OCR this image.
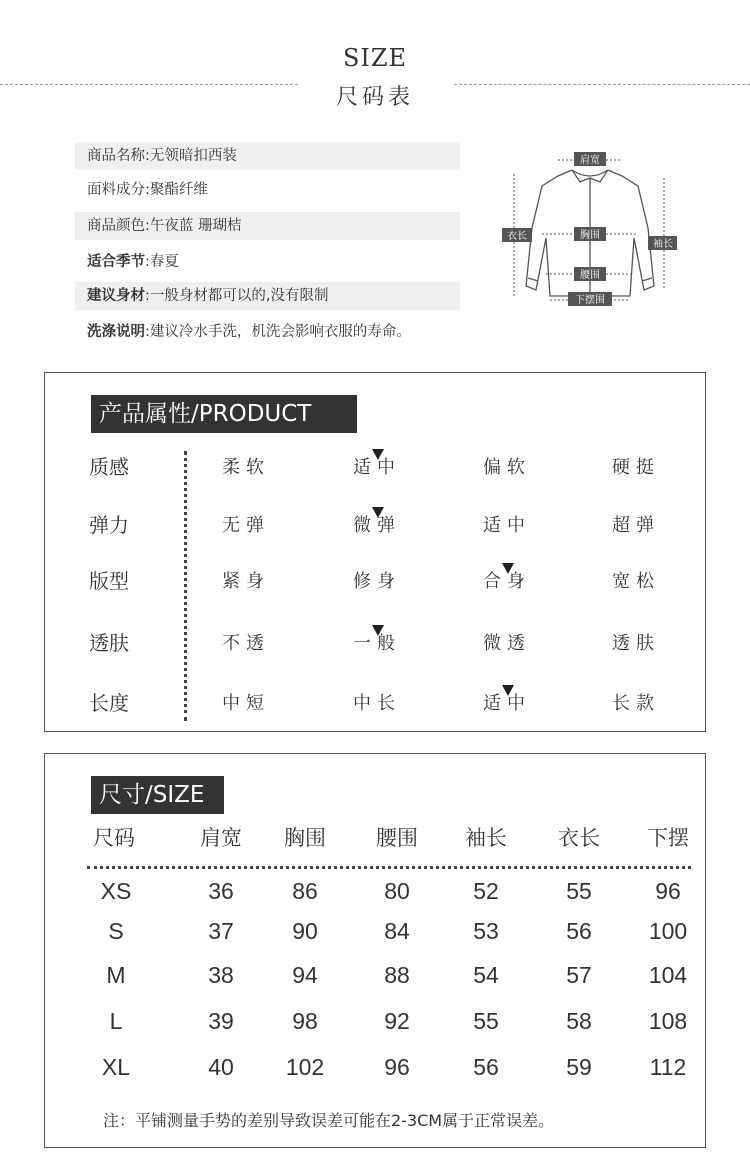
SIZE
尺码表
商品名称:无领暗扣西装
面料成分:聚酯纤维
商品颜色:午夜蓝 珊瑚桔
适合季节:春夏
建议身材:一般身材都可以的,没有限制
洗涤说明:建议冷水手洗，机洗会影响衣服的寿命。
肩宽
衣长	胸围
袖长
腰围
下摆围
产品属性/PRODUCT
质感	柔软	适中	偏软	硬挺
弹力	无弹	微弹	适中	超弹
版型	紧身	修身	合身	宽松
透肤	不透	一般	微透	透肤
长度	中短	中长	适中	长款
尺寸/SIZE
尺码	肩宽 胸围 腰围 袖长 衣长 下摆
XS	36	86	80	52	55	96
S	37	90	84	53	56 100
M	38	94	88	54	57 104
L	39	98	92	55	58 108
XL	40 102	96	56	59	112
注：平铺测量手势的差别导致误差可能在2-3CM属于正常误差。
